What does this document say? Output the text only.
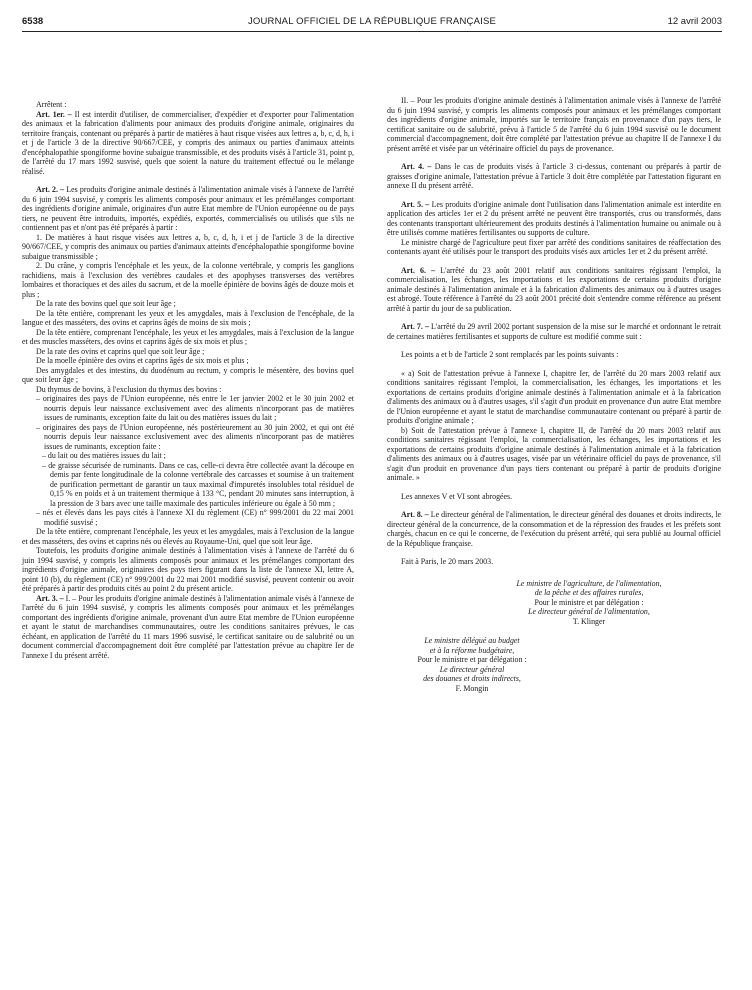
6538	JOURNAL OFFICIEL DE LA RÉPUBLIQUE FRANÇAISE	12 avril 2003

Arrêtent :

Art. 1er. – Il est interdit d'utiliser, de commercialiser, d'expédier et d'exporter pour l'alimentation des animaux et la fabrication d'aliments pour animaux des produits d'origine animale, originaires du territoire français, contenant ou préparés à partir de matières à haut risque visées aux lettres a, b, c, d, h, i et j de l'article 3 de la directive 90/667/CEE, y compris des animaux ou parties d'animaux atteints d'encéphalopathie spongiforme bovine subaigue transmissible, et des produits visés à l'article 31, point p, de l'arrêté du 17 mars 1992 susvisé, quels que soient la nature du traitement effectué ou le mélange réalisé.

Art. 2. – Les produits d'origine animale destinés à l'alimentation animale visés à l'annexe de l'arrêté du 6 juin 1994 susvisé, y compris les aliments composés pour animaux et les prémélanges comportant des ingrédients d'origine animale, originaires d'un autre Etat membre de l'Union européenne ou de pays tiers, ne peuvent être introduits, importés, expédiés, exportés, commercialisés ou utilisés que s'ils ne contiennent pas et n'ont pas été préparés à partir :

1. De matières à haut risque visées aux lettres a, b, c, d, h, i et j de l'article 3 de la directive 90/667/CEE, y compris des animaux ou parties d'animaux atteints d'encéphalopathie spongiforme bovine subaigue transmissible ;

2. Du crâne, y compris l'encéphale et les yeux, de la colonne vertébrale, y compris les ganglions rachidiens, mais à l'exclusion des vertèbres caudales et des apophyses transverses des vertèbres lombaires et thoraciques et des ailes du sacrum, et de la moelle épinière de bovins âgés de douze mois et plus ;

De la rate des bovins quel que soit leur âge ;

De la tête entière, comprenant les yeux et les amygdales, mais à l'exclusion de l'encéphale, de la langue et des masséters, des ovins et caprins âgés de moins de six mois ;

De la tête entière, comprenant l'encéphale, les yeux et les amygdales, mais à l'exclusion de la langue et des muscles masséters, des ovins et caprins âgés de six mois et plus ;

De la rate des ovins et caprins quel que soit leur âge ;

De la moelle épinière des ovins et caprins âgés de six mois et plus ;

Des amygdales et des intestins, du duodénum au rectum, y compris le mésentère, des bovins quel que soit leur âge ;

Du thymus de bovins, à l'exclusion du thymus des bovins :

– originaires des pays de l'Union européenne, nés entre le 1er janvier 2002 et le 30 juin 2002 et nourris depuis leur naissance exclusivement avec des aliments n'incorporant pas de matières issues de ruminants, exception faite du lait ou des matières issues du lait ;

– originaires des pays de l'Union européenne, nés postérieurement au 30 juin 2002, et qui ont été nourris depuis leur naissance exclusivement avec des aliments n'incorporant pas de matières issues de ruminants, exception faite :

– du lait ou des matières issues du lait ;

– de graisse sécurisée de ruminants. Dans ce cas, celle-ci devra être collectée avant la découpe en demis par fente longitudinale de la colonne vertébrale des carcasses et soumise à un traitement de purification permettant de garantir un taux maximal d'impuretés insolubles total résiduel de 0,15 % en poids et à un traitement thermique à 133 °C, pendant 20 minutes sans interruption, à la pression de 3 bars avec une taille maximale des particules inférieure ou égale à 50 mm ;

– nés et élevés dans les pays cités à l'annexe XI du règlement (CE) n° 999/2001 du 22 mai 2001 modifié susvisé ;

De la tête entière, comprenant l'encéphale, les yeux et les amygdales, mais à l'exclusion de la langue et des masséters, des ovins et caprins nés ou élevés au Royaume-Uni, quel que soit leur âge.

Toutefois, les produits d'origine animale destinés à l'alimentation visés à l'annexe de l'arrêté du 6 juin 1994 susvisé, y compris les aliments composés pour animaux et les prémélanges comportant des ingrédients d'origine animale, originaires des pays tiers figurant dans la liste de l'annexe XI, lettre A, point 10 (b), du règlement (CE) n° 999/2001 du 22 mai 2001 modifié susvisé, peuvent contenir ou avoir été préparés à partir des produits cités au point 2 du présent article.

Art. 3. – I. – Pour les produits d'origine animale destinés à l'alimentation animale visés à l'annexe de l'arrêté du 6 juin 1994 susvisé, y compris les aliments composés pour animaux et les prémélanges comportant des ingrédients d'origine animale, provenant d'un autre Etat membre de l'Union européenne et ayant le statut de marchandises communautaires, outre les conditions sanitaires prévues, le cas échéant, en application de l'arrêté du 11 mars 1996 susvisé, le certificat sanitaire ou de salubrité ou un document commercial d'accompagnement doit être complété par l'attestation prévue au chapitre Ier de l'annexe I du présent arrêté.

II. – Pour les produits d'origine animale destinés à l'alimentation animale visés à l'annexe de l'arrêté du 6 juin 1994 susvisé, y compris les aliments composés pour animaux et les prémélanges comportant des ingrédients d'origine animale, importés sur le territoire français en provenance d'un pays tiers, le certificat sanitaire ou de salubrité, prévu à l'article 5 de l'arrêté du 6 juin 1994 susvisé ou le document commercial d'accompagnement, doit être complété par l'attestation prévue au chapitre II de l'annexe I du présent arrêté et visée par un vétérinaire officiel du pays de provenance.

Art. 4. – Dans le cas de produits visés à l'article 3 ci-dessus, contenant ou préparés à partir de graisses d'origine animale, l'attestation prévue à l'article 3 doit être complétée par l'attestation figurant en annexe II du présent arrêté.

Art. 5. – Les produits d'origine animale dont l'utilisation dans l'alimentation animale est interdite en application des articles 1er et 2 du présent arrêté ne peuvent être transportés, crus ou transformés, dans des contenants transportant ultérieurement des produits destinés à l'alimentation humaine ou animale ou à être utilisés comme matières fertilisantes ou supports de culture.

Le ministre chargé de l'agriculture peut fixer par arrêté des conditions sanitaires de réaffectation des contenants ayant été utilisés pour le transport des produits visés aux articles 1er et 2 du présent arrêté.

Art. 6. – L'arrêté du 23 août 2001 relatif aux conditions sanitaires régissant l'emploi, la commercialisation, les échanges, les importations et les exportations de certains produits d'origine animale destinés à l'alimentation animale et à la fabrication d'aliments des animaux ou à d'autres usages est abrogé. Toute référence à l'arrêté du 23 août 2001 précité doit s'entendre comme référence au présent arrêté à partir du jour de sa publication.

Art. 7. – L'arrêté du 29 avril 2002 portant suspension de la mise sur le marché et ordonnant le retrait de certaines matières fertilisantes et supports de culture est modifié comme suit :

Les points a et b de l'article 2 sont remplacés par les points suivants :

« a) Soit de l'attestation prévue à l'annexe I, chapitre Ier, de l'arrêté du 20 mars 2003 relatif aux conditions sanitaires régissant l'emploi, la commercialisation, les échanges, les importations et les exportations de certains produits d'origine animale destinés à l'alimentation animale et à la fabrication d'aliments des animaux ou à d'autres usages, s'il s'agit d'un produit en provenance d'un autre Etat membre de l'Union européenne et ayant le statut de marchandise communautaire contenant ou préparé à partir de produits d'origine animale ;

b) Soit de l'attestation prévue à l'annexe I, chapitre II, de l'arrêté du 20 mars 2003 relatif aux conditions sanitaires régissant l'emploi, la commercialisation, les échanges, les importations et les exportations de certains produits d'origine animale destinés à l'alimentation animale et à la fabrication d'aliments des animaux ou à d'autres usages, visée par un vétérinaire officiel du pays de provenance, s'il s'agit d'un produit en provenance d'un pays tiers contenant ou préparé à partir de produits d'origine animale. »

Les annexes V et VI sont abrogées.

Art. 8. – Le directeur général de l'alimentation, le directeur général des douanes et droits indirects, le directeur général de la concurrence, de la consommation et de la répression des fraudes et les préfets sont chargés, chacun en ce qui le concerne, de l'exécution du présent arrêté, qui sera publié au Journal officiel de la République française.

Fait à Paris, le 20 mars 2003.

Le ministre de l'agriculture, de l'alimentation,

de la pêche et des affaires rurales,

Pour le ministre et par délégation :

Le directeur général de l'alimentation,

T. Klinger

Le ministre délégué au budget

et à la réforme budgétaire,

Pour le ministre et par délégation :

Le directeur général

des douanes et droits indirects,

F. Mongin
